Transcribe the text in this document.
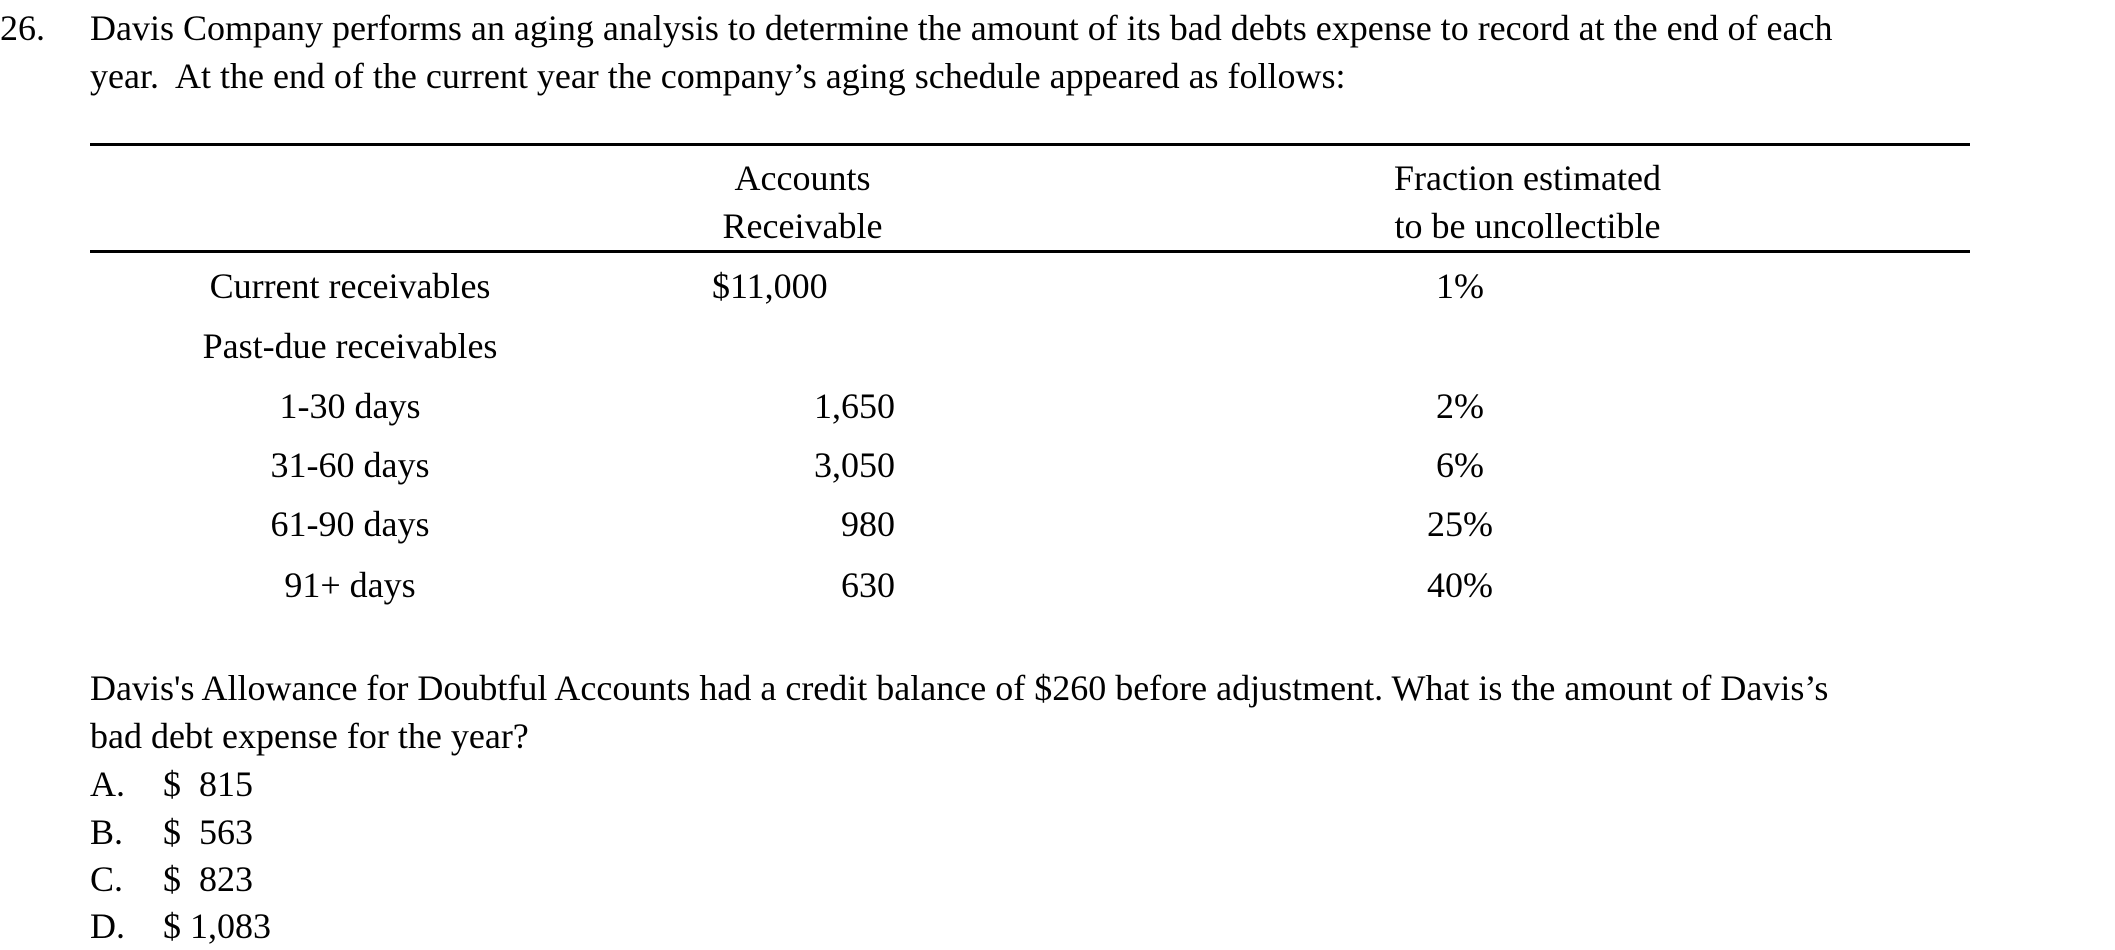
26. Davis Company performs an aging analysis to determine the amount of its bad debts expense to record at the end of each
year.  At the end of the current year the company’s aging schedule appeared as follows:
Accounts
Receivable
Fraction estimated
to be uncollectible
Current receivables	$11,000	1%
Past-due receivables
1-30 days	1,650	2%
31-60 days	3,050	6%
61-90 days	980	25%
91+ days	630	40%
Davis's Allowance for Doubtful Accounts had a credit balance of $260 before adjustment. What is the amount of Davis’s
bad debt expense for the year?
A. $  815
B. $  563
C. $  823
D. $ 1,083
